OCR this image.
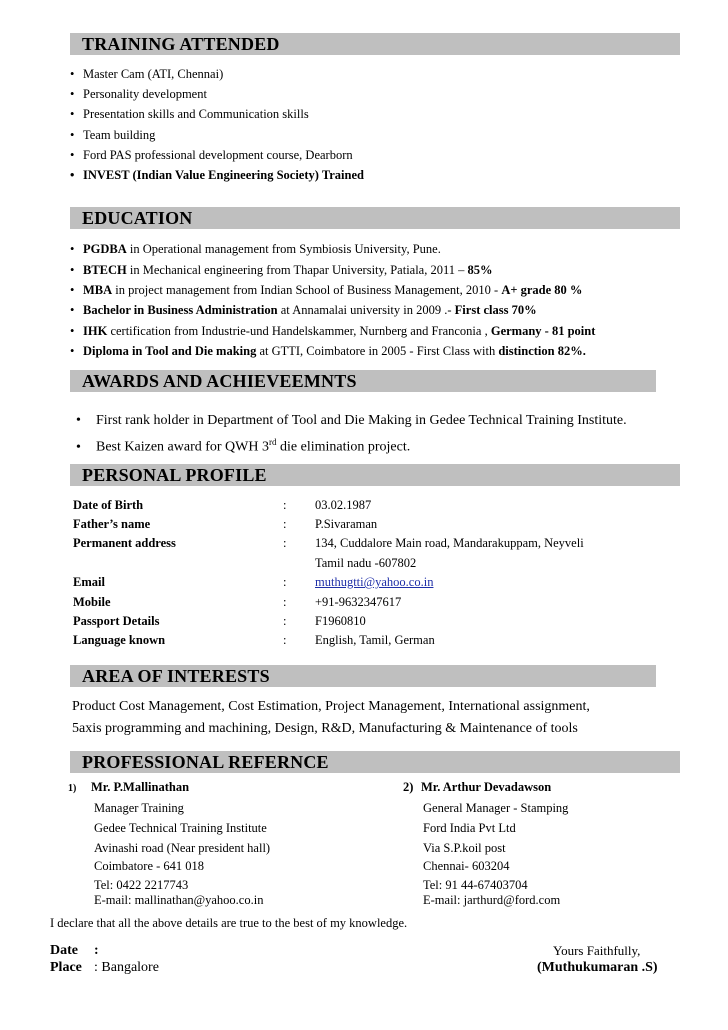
TRAINING ATTENDED
• Master Cam (ATI, Chennai)
• Personality development
• Presentation skills and Communication skills
• Team building
• Ford PAS professional development course, Dearborn
• INVEST (Indian Value Engineering Society) Trained
EDUCATION
• PGDBA in Operational management from Symbiosis University, Pune.
• BTECH in Mechanical engineering from Thapar University, Patiala, 2011 – 85%
• MBA in project management from Indian School of Business Management, 2010 - A+ grade 80 %
• Bachelor in Business Administration at Annamalai university in 2009 .- First class 70%
• IHK certification from Industrie-und Handelskammer, Nurnberg and Franconia , Germany - 81 point
• Diploma in Tool and Die making at GTTI, Coimbatore in 2005 - First Class with distinction 82%.
AWARDS AND ACHIEVEEMNTS
• First rank holder in Department of Tool and Die Making in Gedee Technical Training Institute.
• Best Kaizen award for QWH 3rd die elimination project.
PERSONAL PROFILE
Date of Birth	: 03.02.1987
Father’s name	: P.Sivaraman
Permanent address	: 134, Cuddalore Main road, Mandarakuppam, Neyveli
Tamil nadu -607802
Email	: muthugtti@yahoo.co.in
Mobile	: +91-9632347617
Passport Details	: F1960810
Language known	: English, Tamil, German
AREA OF INTERESTS
Product Cost Management, Cost Estimation, Project Management, International assignment,
5axis programming and machining, Design, R&D, Manufacturing & Maintenance of tools
PROFESSIONAL REFERNCE
1) Mr. P.Mallinathan
Manager Training
Gedee Technical Training Institute
Avinashi road (Near president hall)
Coimbatore - 641 018
Tel: 0422 2217743
E-mail: mallinathan@yahoo.co.in
2) Mr. Arthur Devadawson
General Manager - Stamping
Ford India Pvt Ltd
Via S.P.koil post
Chennai- 603204
Tel: 91 44-67403704
E-mail: jarthurd@ford.com
I declare that all the above details are true to the best of my knowledge.
Date :
Place : Bangalore
Yours Faithfully,
(Muthukumaran .S)
